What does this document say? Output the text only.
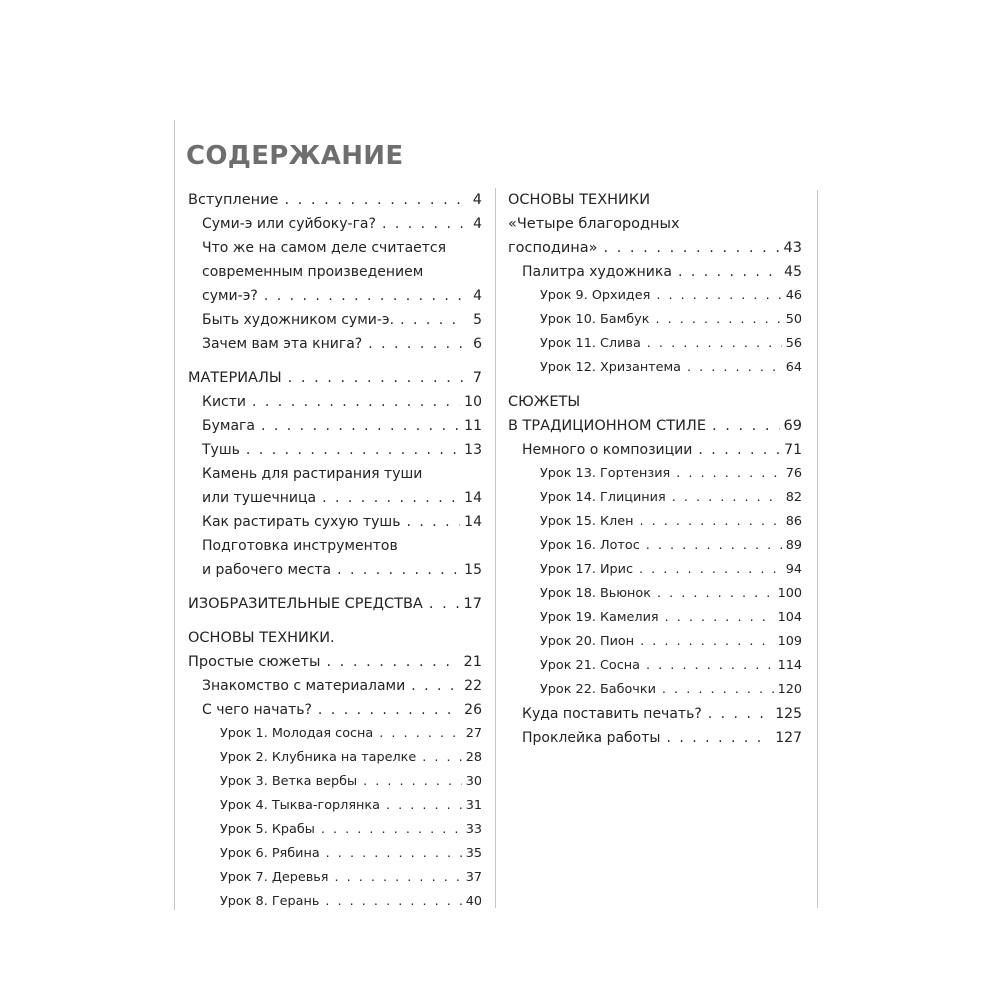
СОДЕРЖАНИЕ
Вступление . . .	4
Суми-э или суйбоку-га? . . .	4
Что же на самом деле считается
современным произведением
суми-э? . . .	4
Быть художником суми-э. . . .	5
Зачем вам эта книга? . . .	6
МАТЕРИАЛЫ . . .	7
Кисти . . .	10
Бумага . . .	11
Тушь . . .	13
Камень для растирания туши
или тушечница . . .	14
Как растирать сухую тушь . . .	14
Подготовка инструментов
и рабочего места . . .	15
ИЗОБРАЗИТЕЛЬНЫЕ СРЕДСТВА . . .	17
ОСНОВЫ ТЕХНИКИ.
Простые сюжеты . . .	21
Знакомство с материалами . . .	22
С чего начать? . . .	26
Урок 1. Молодая сосна . . .	27
Урок 2. Клубника на тарелке . . .	28
Урок 3. Ветка вербы . . .	30
Урок 4. Тыква-горлянка . . .	31
Урок 5. Крабы . . .	33
Урок 6. Рябина . . .	35
Урок 7. Деревья . . .	37
Урок 8. Герань . . .	40
ОСНОВЫ ТЕХНИКИ
«Четыре благородных
господина» . . .	43
Палитра художника . . .	45
Урок 9. Орхидея . . .	46
Урок 10. Бамбук . . .	50
Урок 11. Слива . . .	56
Урок 12. Хризантема . . .	64
СЮЖЕТЫ
В ТРАДИЦИОННОМ СТИЛЕ . . .	69
Немного о композиции . . .	71
Урок 13. Гортензия . . .	76
Урок 14. Глициния . . .	82
Урок 15. Клен . . .	86
Урок 16. Лотос . . .	89
Урок 17. Ирис . . .	94
Урок 18. Вьюнок . . .	100
Урок 19. Камелия . . .	104
Урок 20. Пион . . .	109
Урок 21. Сосна . . .	114
Урок 22. Бабочки . . .	120
Куда поставить печать? . . .	125
Проклейка работы . . .	127
